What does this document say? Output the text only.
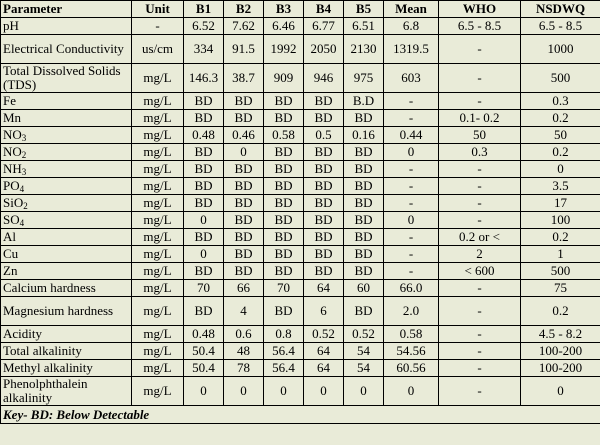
Parameter	Unit	B1	B2	B3	B4	B5	Mean	WHO	NSDWQ
pH	-	6.52	7.62	6.46	6.77	6.51	6.8	6.5 - 8.5	6.5 - 8.5
Electrical Conductivity	us/cm	334	91.5	1992	2050	2130	1319.5	-	1000
Total Dissolved Solids (TDS)	mg/L	146.3	38.7	909	946	975	603	-	500
Fe	mg/L	BD	BD	BD	BD	B.D	-	-	0.3
Mn	mg/L	BD	BD	BD	BD	BD	-	0.1- 0.2	0.2
$NO_3$	mg/L	0.48	0.46	0.58	0.5	0.16	0.44	50	50
$NO_2$	mg/L	BD	0	BD	BD	BD	0	0.3	0.2
$NH_3$	mg/L	BD	BD	BD	BD	BD	-	-	0
$PO_4$	mg/L	BD	BD	BD	BD	BD	-	-	3.5
SiO$_2$	mg/L	BD	BD	BD	BD	BD	-	-	17
$SO_4$	mg/L	0	BD	BD	BD	BD	0	-	100
Al	mg/L	BD	BD	BD	BD	BD	-	0.2 or <	0.2
Cu	mg/L	0	BD	BD	BD	BD	-	2	1
Zn	mg/L	BD	BD	BD	BD	BD	-	< 600	500
Calcium hardness	mg/L	70	66	70	64	60	66.0	-	75
Magnesium hardness	mg/L	BD	4	BD	6	BD	2.0	-	0.2
Acidity	mg/L	0.48	0.6	0.8	0.52	0.52	0.58	-	4.5 - 8.2
Total alkalinity	mg/L	50.4	48	56.4	64	54	54.56	-	100-200
Methyl alkalinity	mg/L	50.4	78	56.4	64	54	60.56	-	100-200
Phenolphthalein alkalinity	mg/L	0	0	0	0	0	0	-	0
Key- BD: Below Detectable									
